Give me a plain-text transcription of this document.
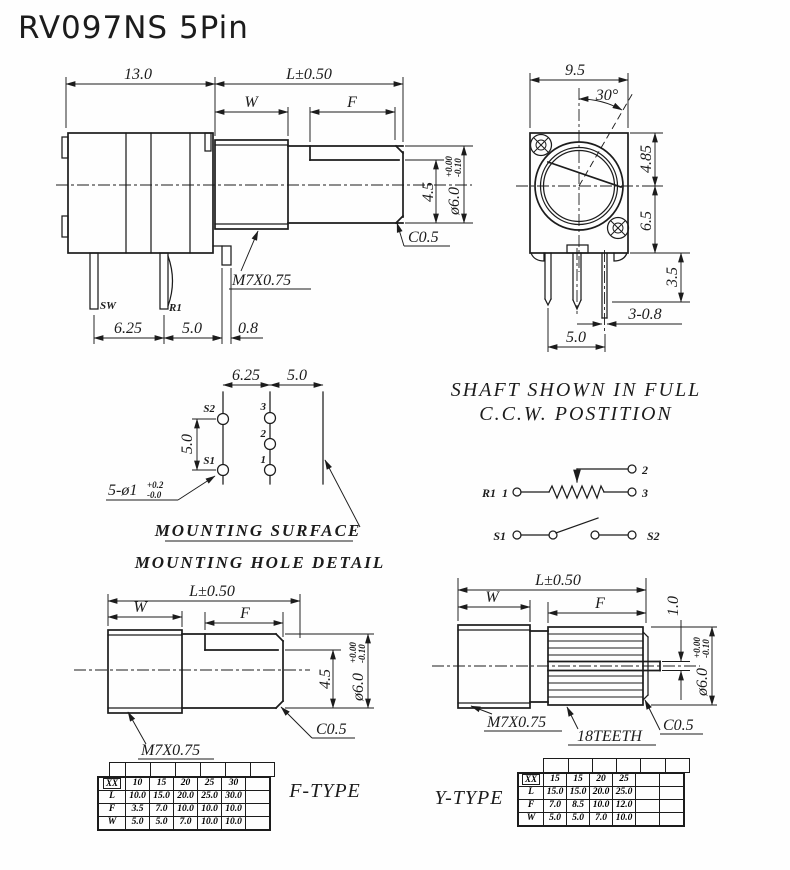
RV097NS 5Pin
SW	R1
13.0	L±0.50
W	F
4.5 ø6.0
+0.00 -0.10
C0.5
M7X0.75
6.25	5.0 0.8
30°
9.5
4.85
6.5
3.5
3-0.8
5.0
6.25 5.0
S2
S1
3
2
1
5.0
5-ø1 +0.2
-0.0
MOUNTING SURFACE
MOUNTING HOLE DETAIL
SHAFT SHOWN IN FULL
C.C.W. POSTITION
R1 1
2
3
S1	S2
L±0.50
W	F
4.5 ø6.0
+0.00 -0.10
C0.5
M7X0.75
L±0.50
W	F	1.0
ø6.0
+0.00 -0.10
M7X0.75
18TEETH
C0.5
F-TYPE	Y-TYPE
XX	10	15	20	25	30	
L	10.0	15.0	20.0	25.0	30.0	
F	3.5	7.0	10.0	10.0	10.0	
W	5.0	5.0	7.0	10.0	10.0	
XX	15	15	20	25		
L	15.0	15.0	20.0	25.0		
F	7.0	8.5	10.0	12.0		
W	5.0	5.0	7.0	10.0		
